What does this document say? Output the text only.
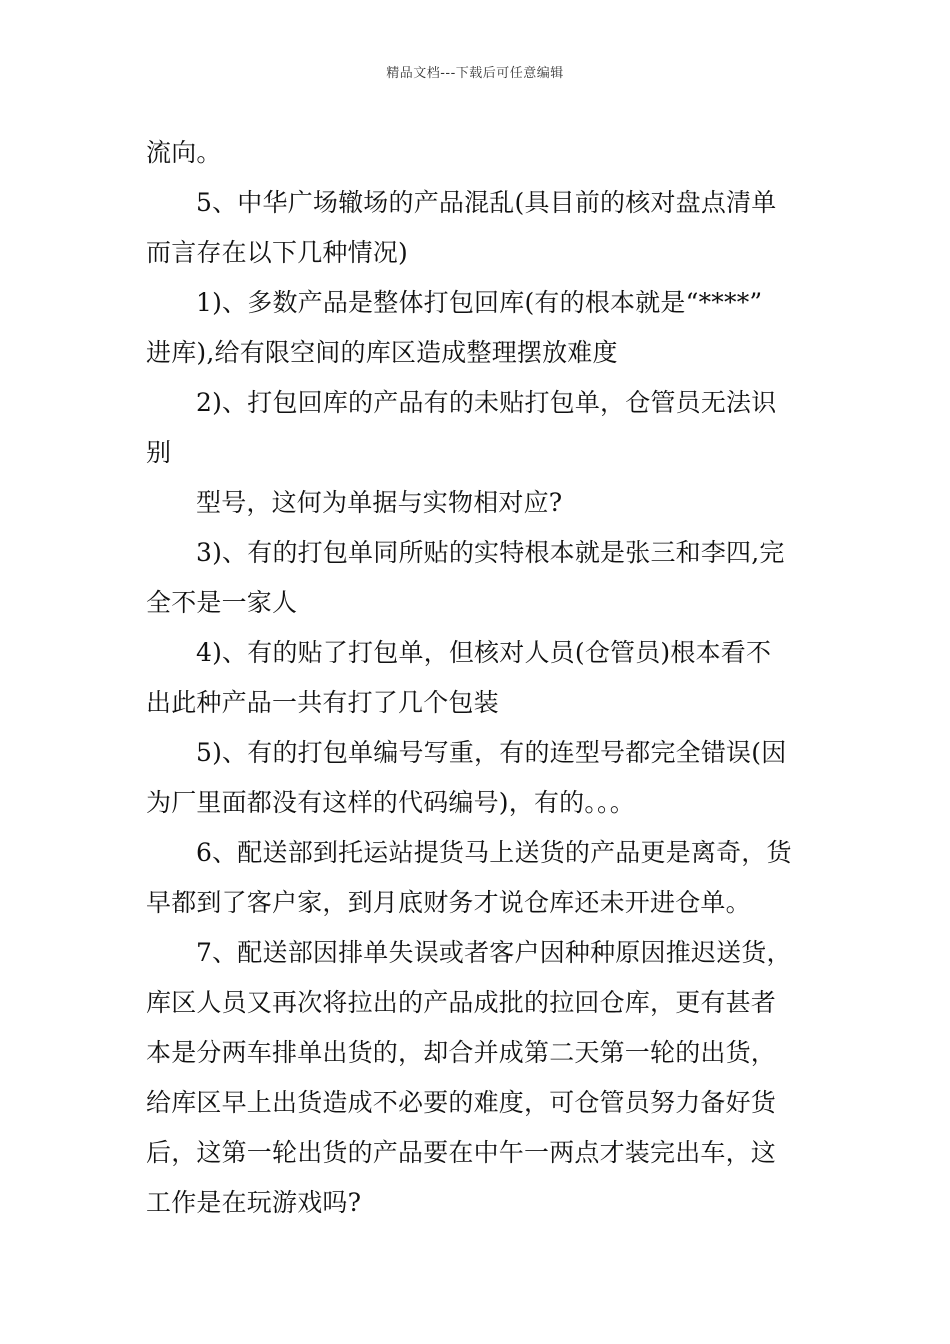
精品文档---下载后可任意编辑
流向。
5、中华广场辙场的产品混乱(具目前的核对盘点清单
而言存在以下几种情况)
1)、多数产品是整体打包回库(有的根本就是“****”
进库),给有限空间的库区造成整理摆放难度
2)、打包回库的产品有的未贴打包单，仓管员无法识
别
型号，这何为单据与实物相对应?
3)、有的打包单同所贴的实特根本就是张三和李四,完
全不是一家人
4)、有的贴了打包单，但核对人员(仓管员)根本看不
出此种产品一共有打了几个包装
5)、有的打包单编号写重，有的连型号都完全错误(因
为厂里面都没有这样的代码编号)，有的。。。
6、配送部到托运站提货马上送货的产品更是离奇，货
早都到了客户家，到月底财务才说仓库还未开进仓单。
7、配送部因排单失误或者客户因种种原因推迟送货，
库区人员又再次将拉出的产品成批的拉回仓库，更有甚者
本是分两车排单出货的，却合并成第二天第一轮的出货，
给库区早上出货造成不必要的难度，可仓管员努力备好货
后，这第一轮出货的产品要在中午一两点才装完出车，这
工作是在玩游戏吗?
